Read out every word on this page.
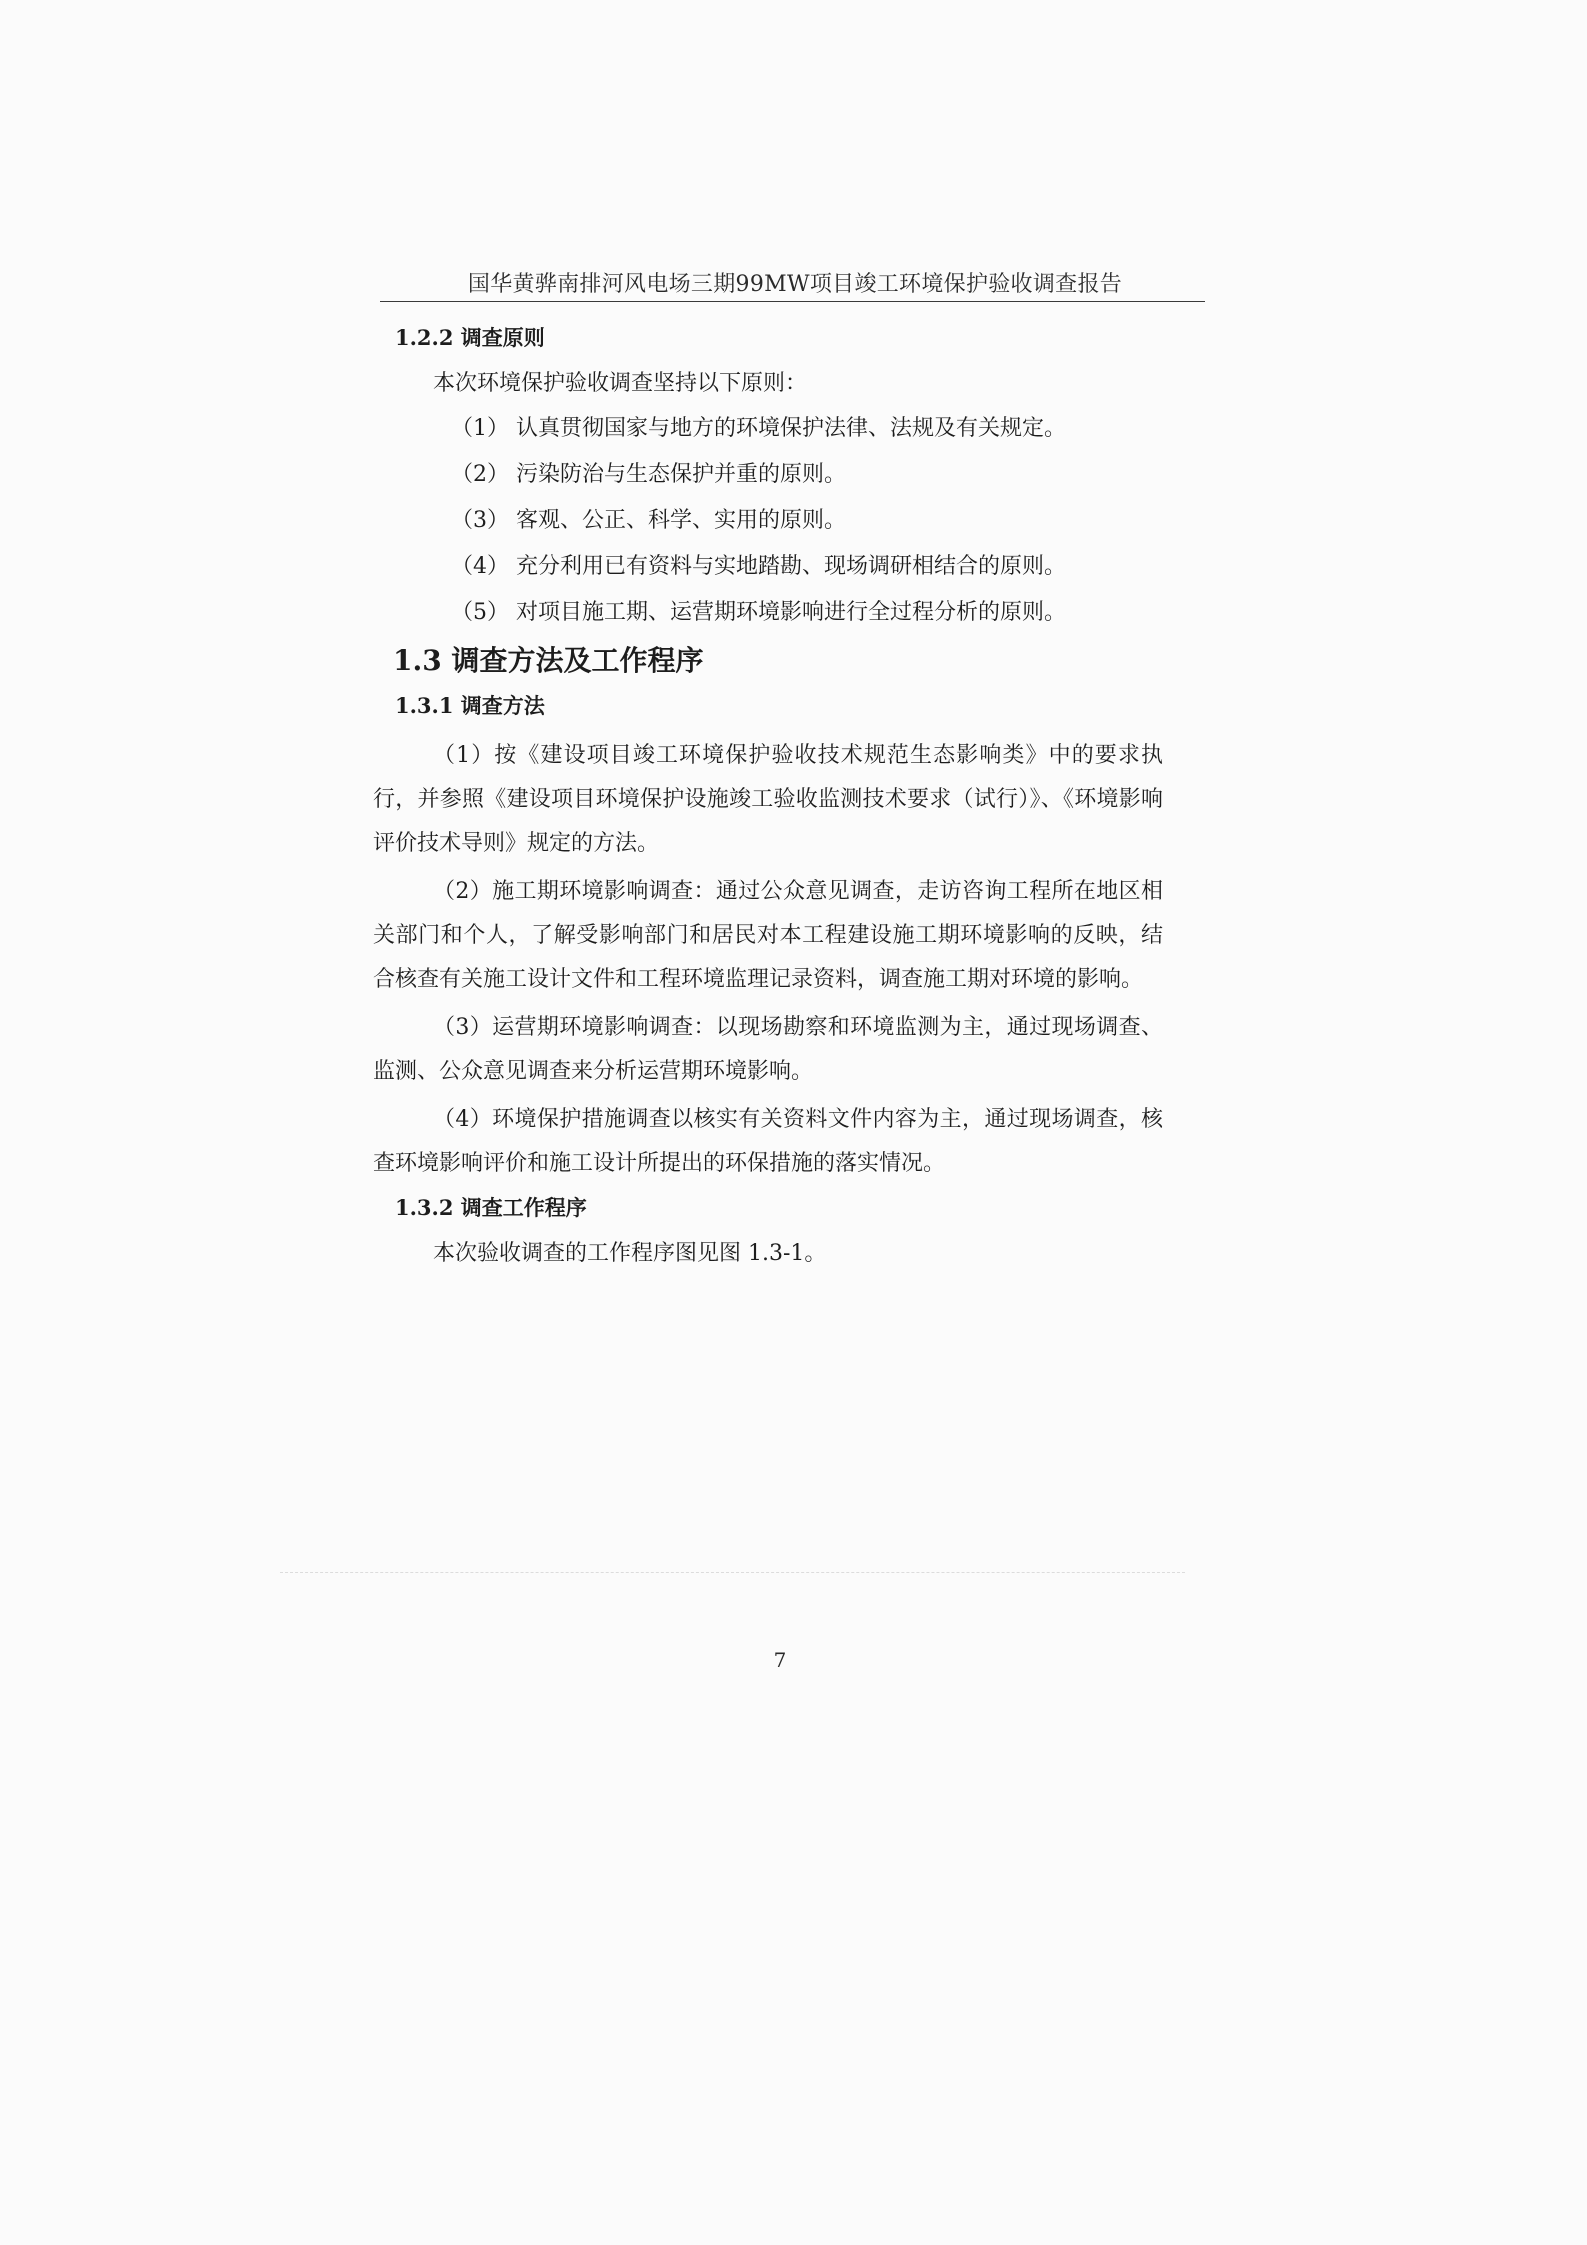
国华黄骅南排河风电场三期99MW项目竣工环境保护验收调查报告
1.2.2 调查原则

本次环境保护验收调查坚持以下原则：

（1） 认真贯彻国家与地方的环境保护法律、法规及有关规定。

（2） 污染防治与生态保护并重的原则。

（3） 客观、公正、科学、实用的原则。

（4） 充分利用已有资料与实地踏勘、现场调研相结合的原则。

（5） 对项目施工期、运营期环境影响进行全过程分析的原则。

1.3 调查方法及工作程序
1.3.1 调查方法

（1）按《建设项目竣工环境保护验收技术规范生态影响类》中的要求执行，并参照《建设项目环境保护设施竣工验收监测技术要求（试行）》、《环境影响评价技术导则》规定的方法。

（2）施工期环境影响调查：通过公众意见调查，走访咨询工程所在地区相关部门和个人，了解受影响部门和居民对本工程建设施工期环境影响的反映，结合核查有关施工设计文件和工程环境监理记录资料，调查施工期对环境的影响。

（3）运营期环境影响调查：以现场勘察和环境监测为主，通过现场调查、监测、公众意见调查来分析运营期环境影响。

（4）环境保护措施调查以核实有关资料文件内容为主，通过现场调查，核查环境影响评价和施工设计所提出的环保措施的落实情况。

1.3.2 调查工作程序

本次验收调查的工作程序图见图 1.3-1。

7
